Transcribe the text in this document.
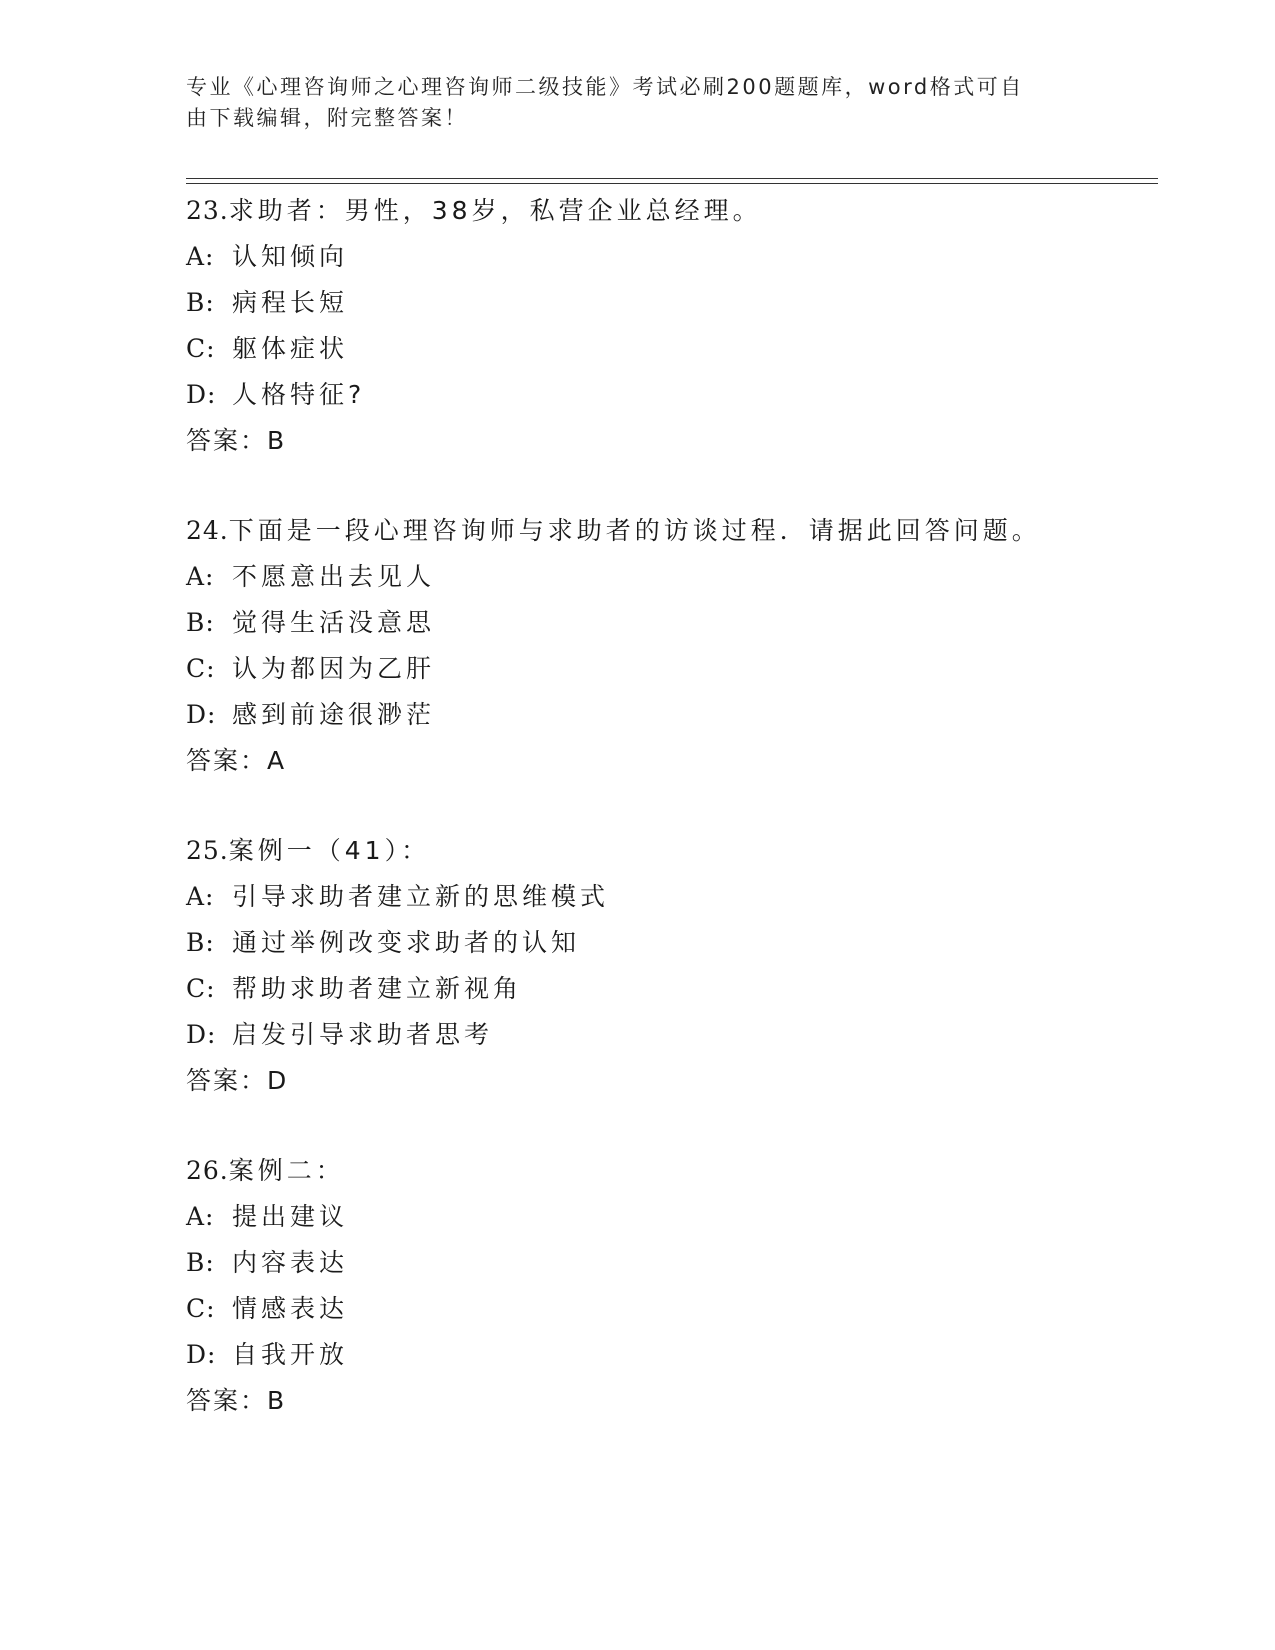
专业《心理咨询师之心理咨询师二级技能》考试必刷200题题库，word格式可自
由下载编辑，附完整答案！
23.求助者：男性，38岁，私营企业总经理。
A: 认知倾向
B: 病程长短
C: 躯体症状
D: 人格特征?
答案：B
24.下面是一段心理咨询师与求助者的访谈过程．请据此回答问题。
A: 不愿意出去见人
B: 觉得生活没意思
C: 认为都因为乙肝
D: 感到前途很渺茫
答案：A
25.案例一（41）：
A: 引导求助者建立新的思维模式
B: 通过举例改变求助者的认知
C: 帮助求助者建立新视角
D: 启发引导求助者思考
答案：D
26.案例二：
A: 提出建议
B: 内容表达
C: 情感表达
D: 自我开放
答案：B
